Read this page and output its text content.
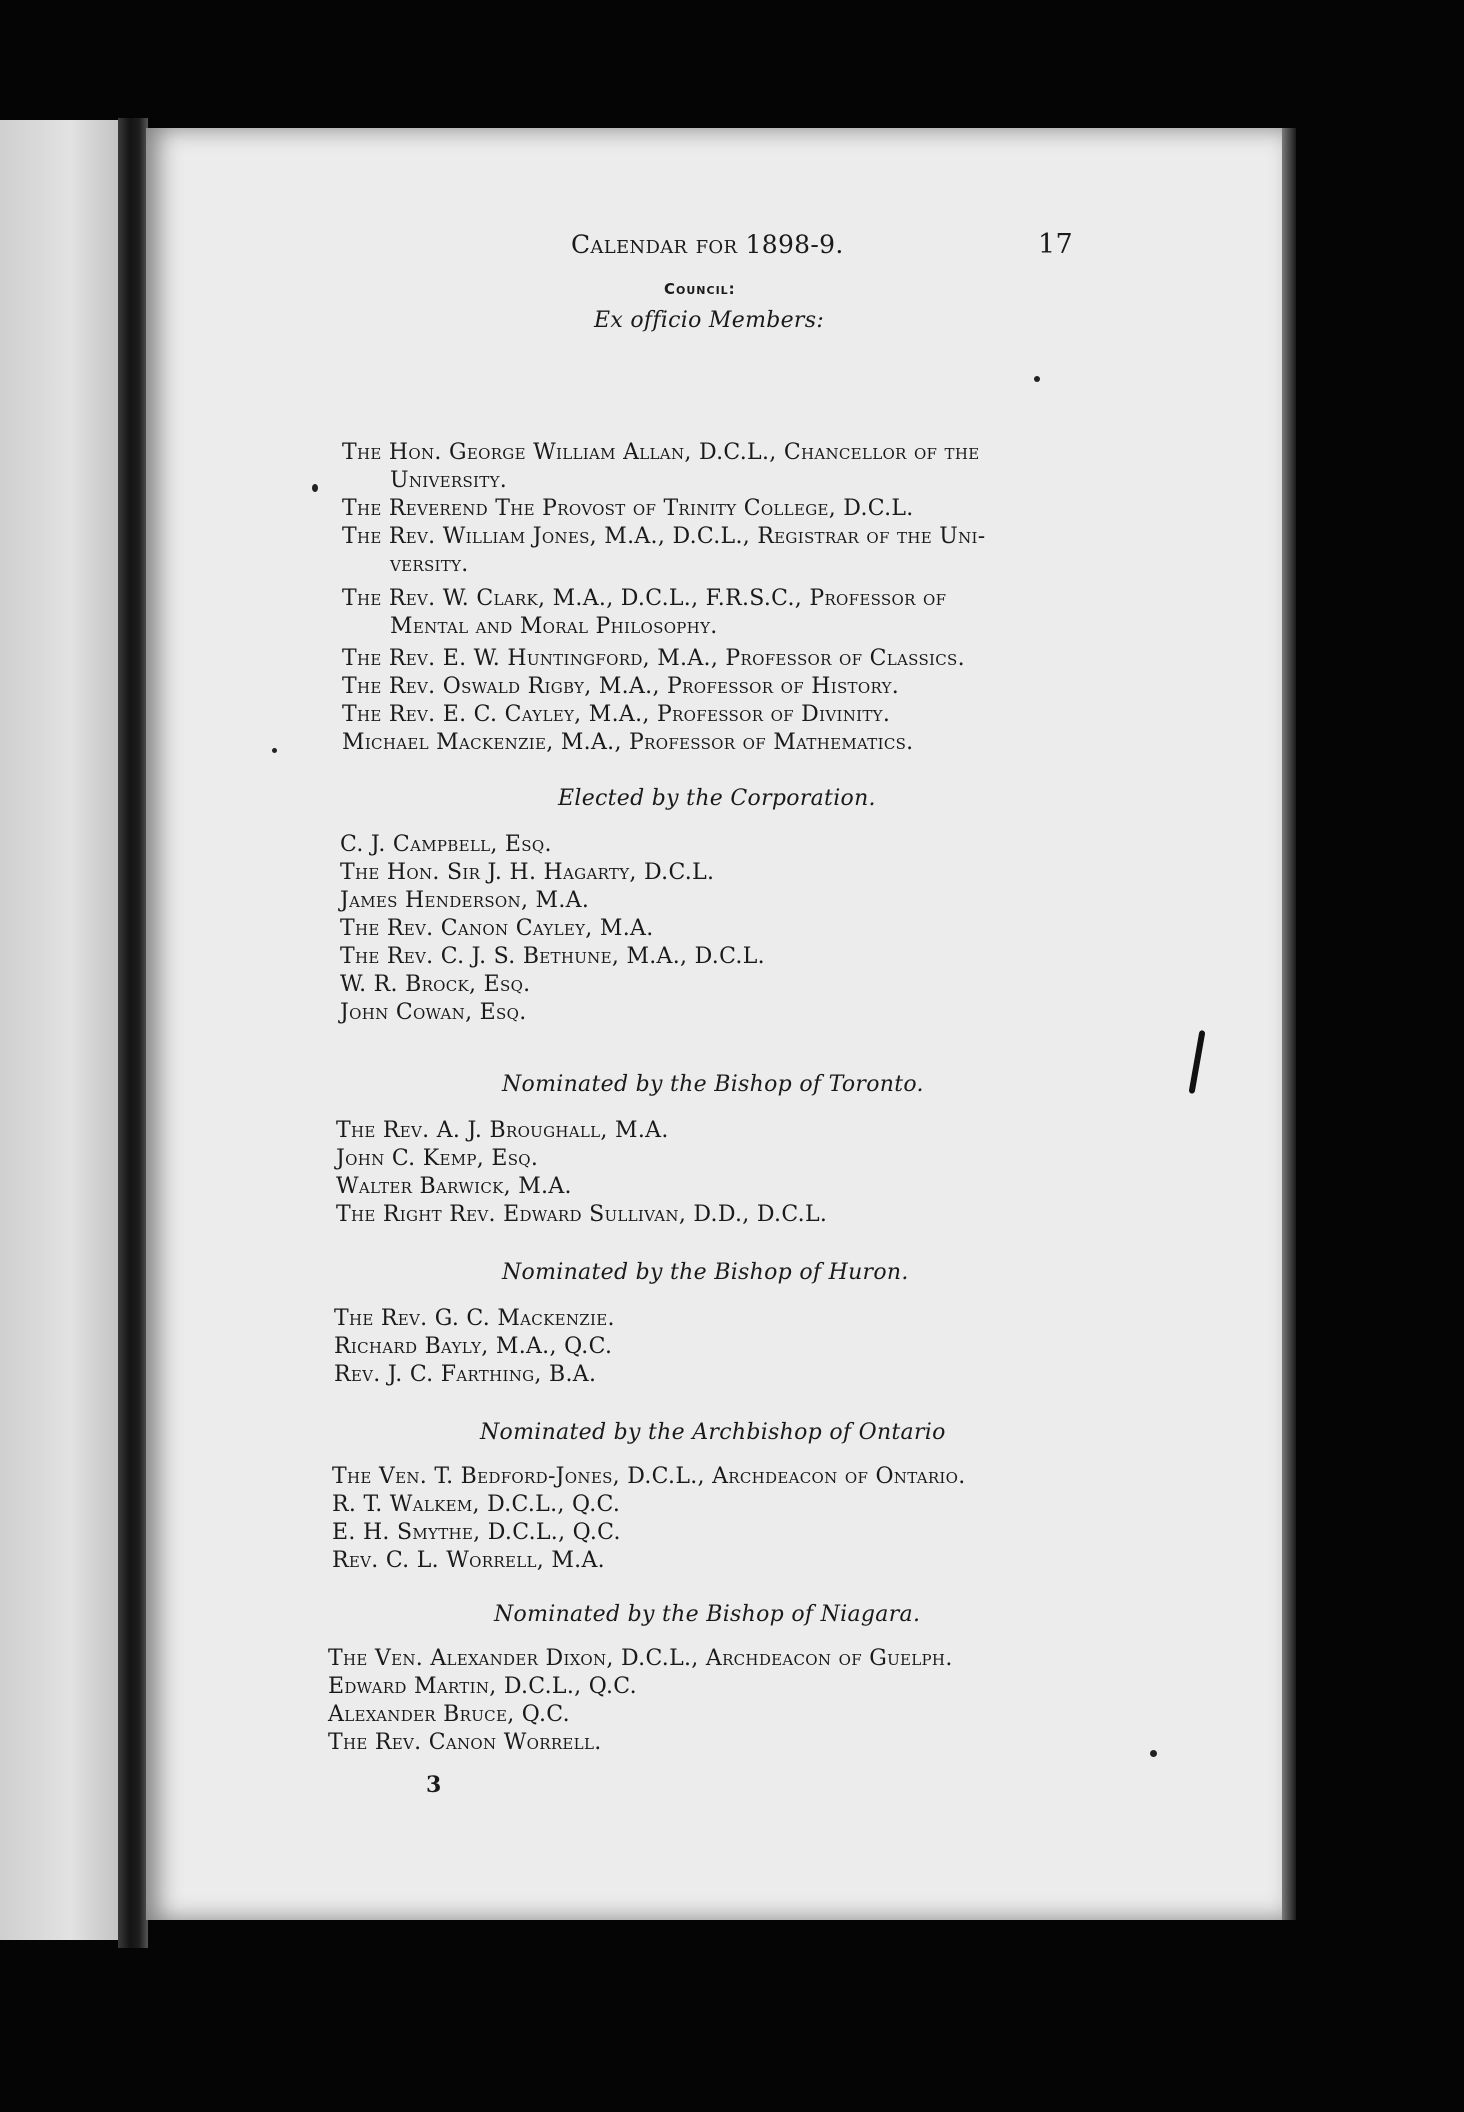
The Hon. George William Allan, D.C.L., Chancellor of the
University.
The Reverend The Provost of Trinity College, D.C.L.
The Rev. William Jones, M.A., D.C.L., Registrar of the Uni-
versity.
The Rev. W. Clark, M.A., D.C.L., F.R.S.C., Professor of
Mental and Moral Philosophy.
The Rev. E. W. Huntingford, M.A., Professor of Classics.
The Rev. Oswald Rigby, M.A., Professor of History.
The Rev. E. C. Cayley, M.A., Professor of Divinity.
Michael Mackenzie, M.A., Professor of Mathematics.
Elected by the Corporation.
C. J. Campbell, Esq.
The Hon. Sir J. H. Hagarty, D.C.L.
James Henderson, M.A.
The Rev. Canon Cayley, M.A.
The Rev. C. J. S. Bethune, M.A., D.C.L.
W. R. Brock, Esq.
John Cowan, Esq.
Nominated by the Bishop of Toronto.
The Rev. A. J. Broughall, M.A.
John C. Kemp, Esq.
Walter Barwick, M.A.
The Right Rev. Edward Sullivan, D.D., D.C.L.
Nominated by the Bishop of Huron.
The Rev. G. C. Mackenzie.
Richard Bayly, M.A., Q.C.
Rev. J. C. Farthing, B.A.
Nominated by the Archbishop of Ontario
The Ven. T. Bedford-Jones, D.C.L., Archdeacon of Ontario.
R. T. Walkem, D.C.L., Q.C.
E. H. Smythe, D.C.L., Q.C.
Rev. C. L. Worrell, M.A.
Nominated by the Bishop of Niagara.
The Ven. Alexander Dixon, D.C.L., Archdeacon of Guelph.
Edward Martin, D.C.L., Q.C.
Alexander Bruce, Q.C.
The Rev. Canon Worrell.
3
Calendar for 1898-9.	17
Council:
Ex officio Members:
